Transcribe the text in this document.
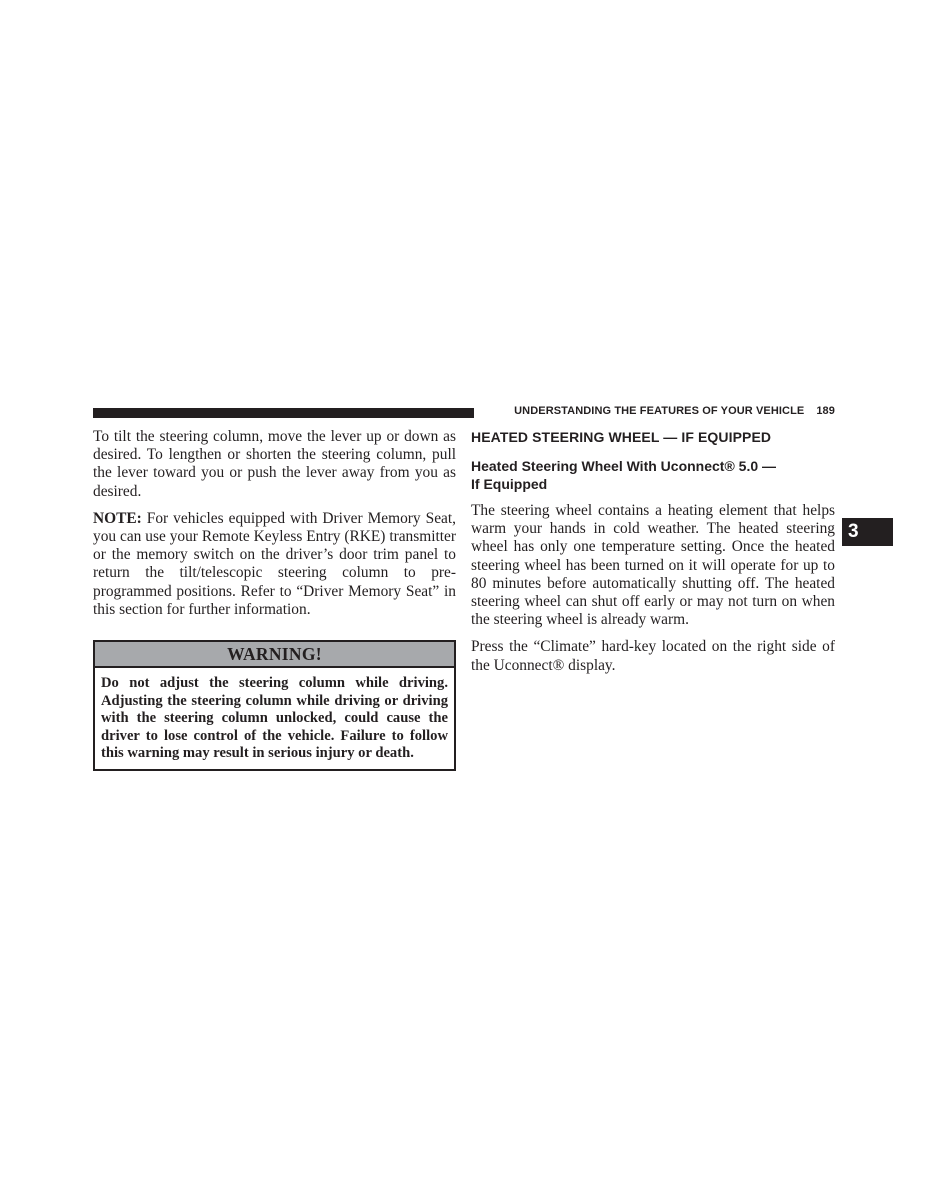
UNDERSTANDING THE FEATURES OF YOUR VEHICLE 189

To tilt the steering column, move the lever up or down as desired. To lengthen or shorten the steering column, pull the lever toward you or push the lever away from you as desired.

NOTE: For vehicles equipped with Driver Memory Seat, you can use your Remote Keyless Entry (RKE) transmitter or the memory switch on the driver’s door trim panel to return the tilt/telescopic steering column to preprogrammed positions. Refer to “Driver Memory Seat” in this section for further information.

WARNING!
Do not adjust the steering column while driving. Adjusting the steering column while driving or driving with the steering column unlocked, could cause the driver to lose control of the vehicle. Failure to follow this warning may result in serious injury or death.
HEATED STEERING WHEEL — IF EQUIPPED
Heated Steering Wheel With Uconnect® 5.0 —
If Equipped

The steering wheel contains a heating element that helps warm your hands in cold weather. The heated steering wheel has only one temperature setting. Once the heated steering wheel has been turned on it will operate for up to 80 minutes before automatically shutting off. The heated steering wheel can shut off early or may not turn on when the steering wheel is already warm.

Press the “Climate” hard-key located on the right side of the Uconnect® display.

3
